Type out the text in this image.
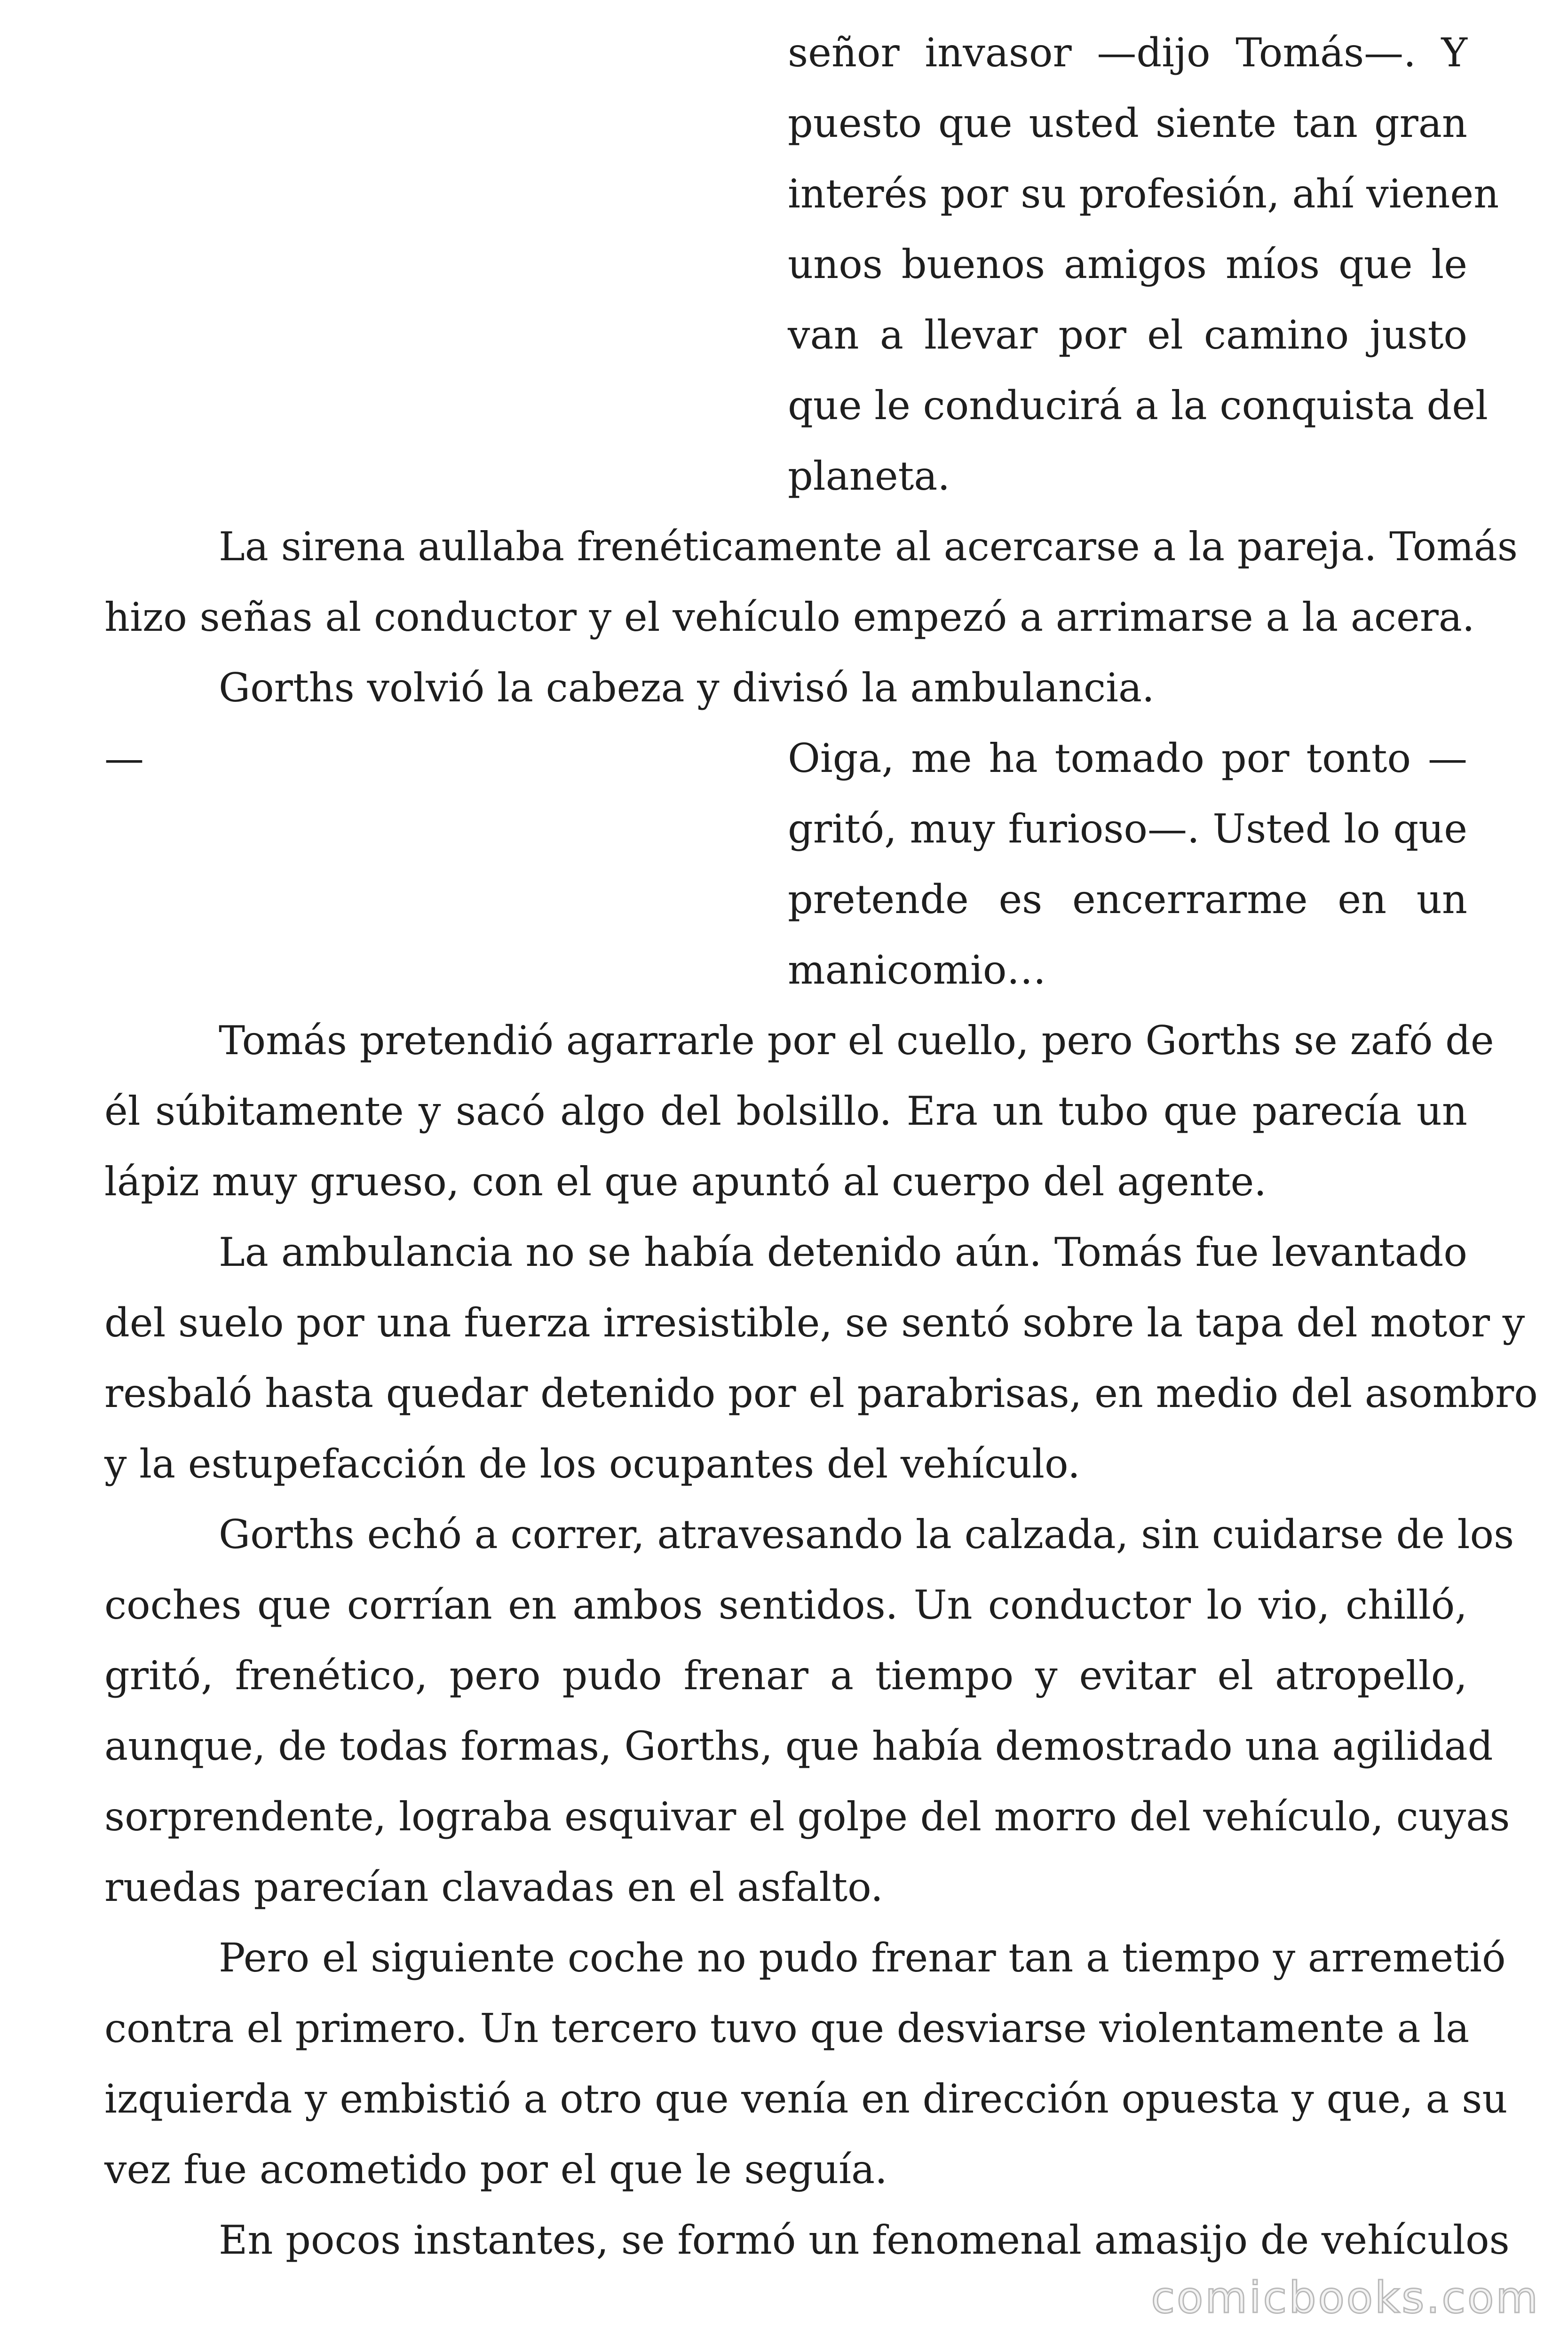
señor invasor —dijo Tomás—. Y
puesto que usted siente tan gran
interés por su profesión, ahí vienen
unos buenos amigos míos que le
van a llevar por el camino justo
que le conducirá a la conquista del
planeta.
La sirena aullaba frenéticamente al acercarse a la pareja. Tomás
hizo señas al conductor y el vehículo empezó a arrimarse a la acera.
Gorths volvió la cabeza y divisó la ambulancia.
—	Oiga, me ha tomado por tonto —
gritó, muy furioso—. Usted lo que
pretende es encerrarme en un
manicomio…
Tomás pretendió agarrarle por el cuello, pero Gorths se zafó de
él súbitamente y sacó algo del bolsillo. Era un tubo que parecía un
lápiz muy grueso, con el que apuntó al cuerpo del agente.
La ambulancia no se había detenido aún. Tomás fue levantado
del suelo por una fuerza irresistible, se sentó sobre la tapa del motor y
resbaló hasta quedar detenido por el parabrisas, en medio del asombro
y la estupefacción de los ocupantes del vehículo.
Gorths echó a correr, atravesando la calzada, sin cuidarse de los
coches que corrían en ambos sentidos. Un conductor lo vio, chilló,
gritó, frenético, pero pudo frenar a tiempo y evitar el atropello,
aunque, de todas formas, Gorths, que había demostrado una agilidad
sorprendente, lograba esquivar el golpe del morro del vehículo, cuyas
ruedas parecían clavadas en el asfalto.
Pero el siguiente coche no pudo frenar tan a tiempo y arremetió
contra el primero. Un tercero tuvo que desviarse violentamente a la
izquierda y embistió a otro que venía en dirección opuesta y que, a su
vez fue acometido por el que le seguía.
En pocos instantes, se formó un fenomenal amasijo de vehículos
comicbooks.com
